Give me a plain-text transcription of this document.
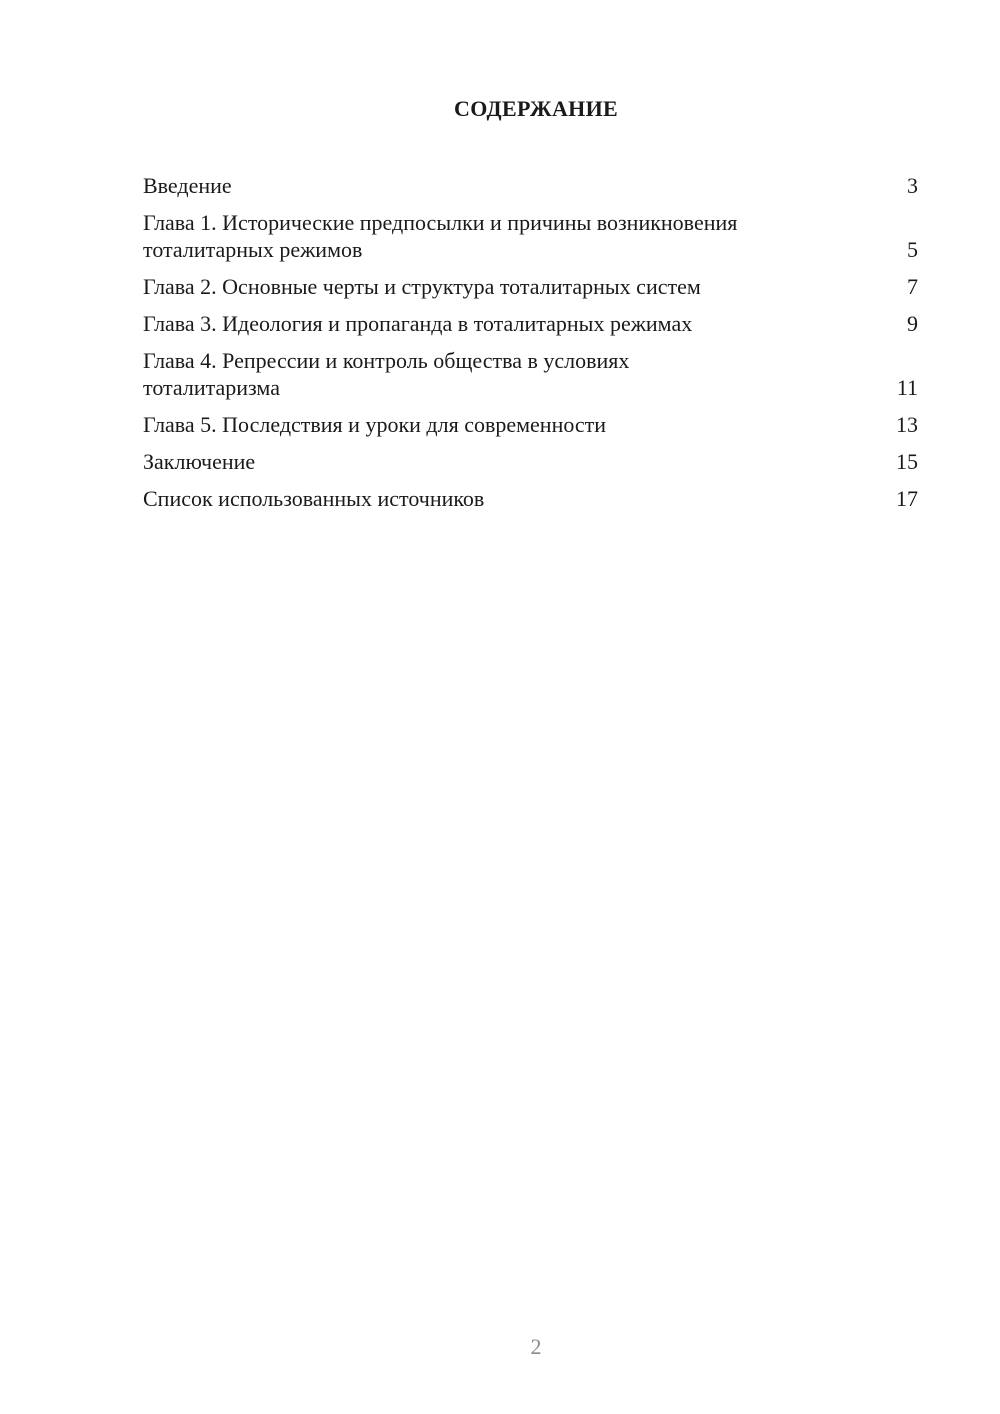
СОДЕРЖАНИЕ
Введение	3
Глава 1. Исторические предпосылки и причины возникновения
тоталитарных режимов	5
Глава 2. Основные черты и структура тоталитарных систем	7
Глава 3. Идеология и пропаганда в тоталитарных режимах	9
Глава 4. Репрессии и контроль общества в условиях
тоталитаризма	11
Глава 5. Последствия и уроки для современности	13
Заключение	15
Список использованных источников	17
2
